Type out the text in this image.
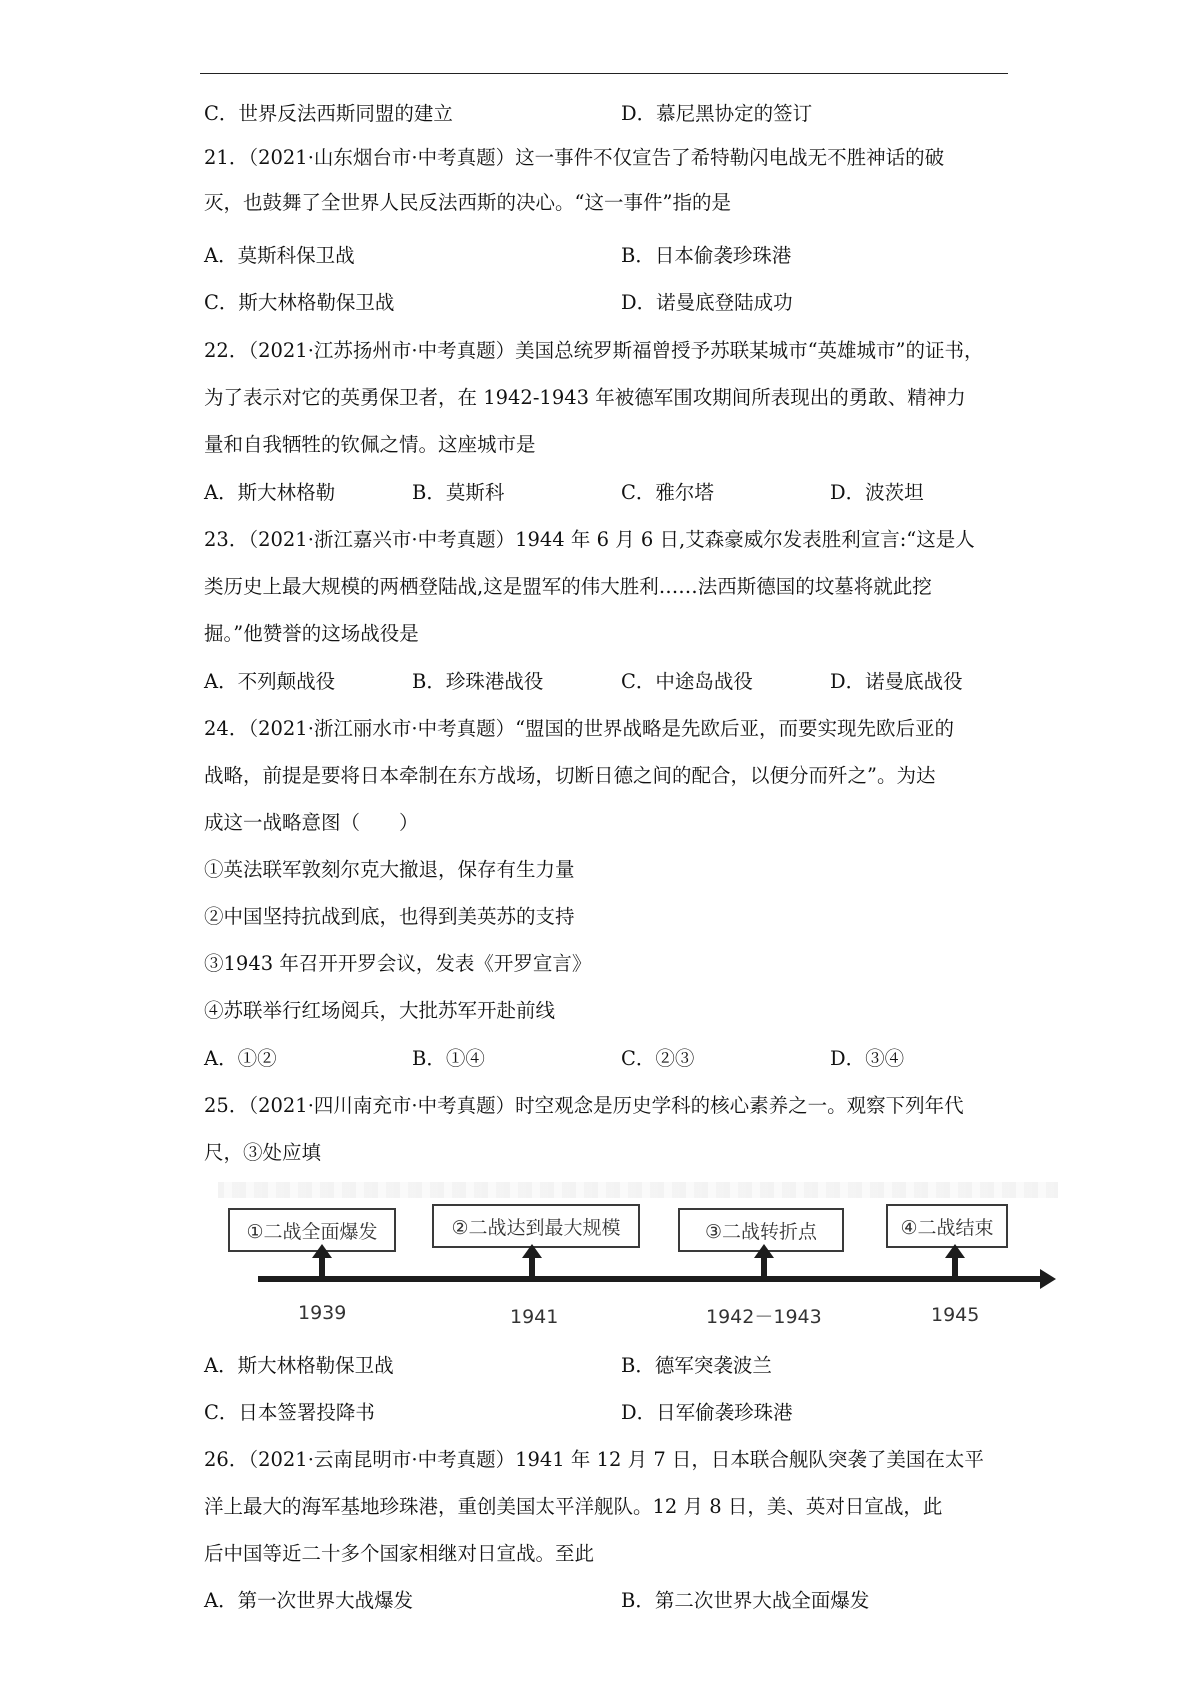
C．世界反法西斯同盟的建立	D．慕尼黑协定的签订
21．（2021·山东烟台市·中考真题）这一事件不仅宣告了希特勒闪电战无不胜神话的破
灭，也鼓舞了全世界人民反法西斯的决心。“这一事件”指的是
A．莫斯科保卫战	B．日本偷袭珍珠港
C．斯大林格勒保卫战	D．诺曼底登陆成功
22．（2021·江苏扬州市·中考真题）美国总统罗斯福曾授予苏联某城市“英雄城市”的证书，
为了表示对它的英勇保卫者，在 1942-1943 年被德军围攻期间所表现出的勇敢、精神力
量和自我牺牲的钦佩之情。这座城市是
A．斯大林格勒	B．莫斯科	C．雅尔塔	D．波茨坦
23．（2021·浙江嘉兴市·中考真题）1944 年 6 月 6 日,艾森豪威尔发表胜利宣言:“这是人
类历史上最大规模的两栖登陆战,这是盟军的伟大胜利……法西斯德国的坟墓将就此挖
掘。”他赞誉的这场战役是
A．不列颠战役	B．珍珠港战役	C．中途岛战役	D．诺曼底战役
24．（2021·浙江丽水市·中考真题）“盟国的世界战略是先欧后亚，而要实现先欧后亚的
战略，前提是要将日本牵制在东方战场，切断日德之间的配合，以便分而歼之”。为达
成这一战略意图（　　）
①英法联军敦刻尔克大撤退，保存有生力量
②中国坚持抗战到底，也得到美英苏的支持
③1943 年召开开罗会议，发表《开罗宣言》
④苏联举行红场阅兵，大批苏军开赴前线
A．①②	B．①④	C．②③	D．③④
25．（2021·四川南充市·中考真题）时空观念是历史学科的核心素养之一。观察下列年代
尺，③处应填
①二战全面爆发	②二战达到最大规模	③二战转折点	④二战结束
1939	1941	1942－1943	1945
A．斯大林格勒保卫战	B．德军突袭波兰
C．日本签署投降书	D．日军偷袭珍珠港
26．（2021·云南昆明市·中考真题）1941 年 12 月 7 日，日本联合舰队突袭了美国在太平
洋上最大的海军基地珍珠港，重创美国太平洋舰队。12 月 8 日，美、英对日宣战，此
后中国等近二十多个国家相继对日宣战。至此
A．第一次世界大战爆发	B．第二次世界大战全面爆发
